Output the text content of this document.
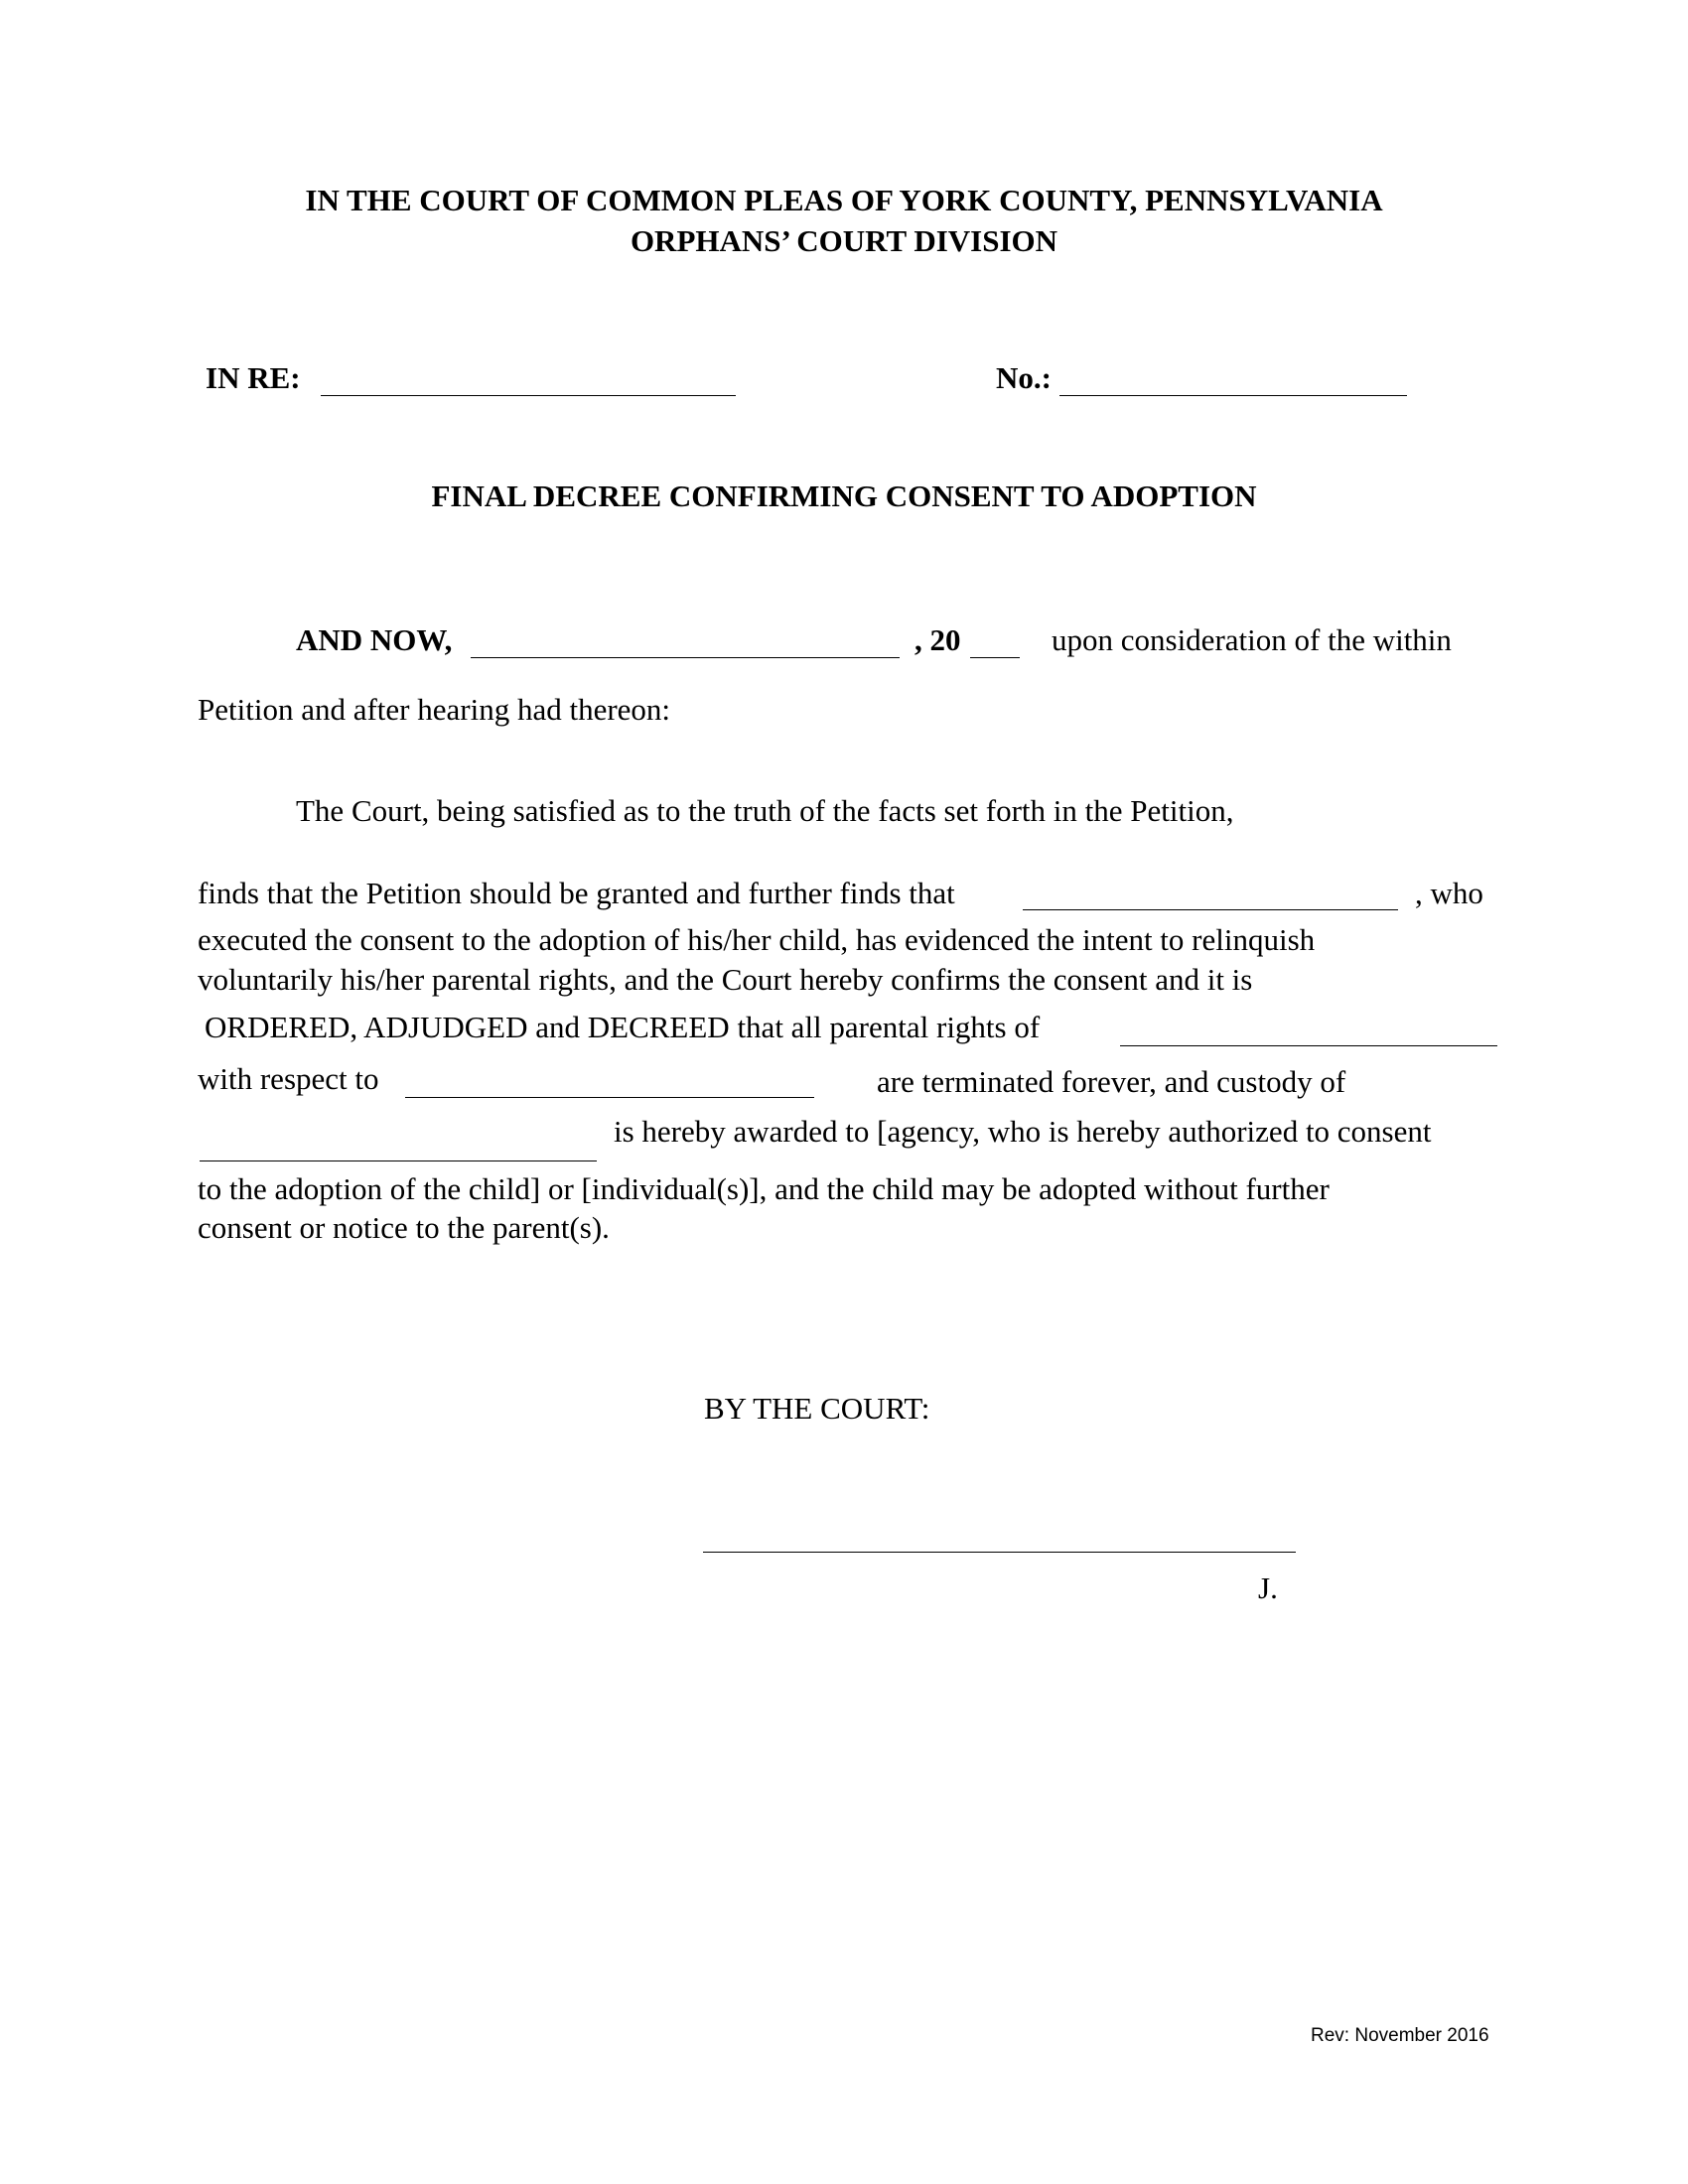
IN THE COURT OF COMMON PLEAS OF YORK COUNTY, PENNSYLVANIA
ORPHANS’ COURT DIVISION
IN RE:	No.:
FINAL DECREE CONFIRMING CONSENT TO ADOPTION
AND NOW,	, 20	upon consideration of the within
Petition and after hearing had thereon:
The Court, being satisfied as to the truth of the facts set forth in the Petition,
finds that the Petition should be granted and further finds that	, who
executed the consent to the adoption of his/her child, has evidenced the intent to relinquish
voluntarily his/her parental rights, and the Court hereby confirms the consent and it is
ORDERED, ADJUDGED and DECREED that all parental rights of
with respect to	are terminated forever, and custody of
is hereby awarded to [agency, who is hereby authorized to consent
to the adoption of the child] or [individual(s)], and the child may be adopted without further
consent or notice to the parent(s).
BY THE COURT:
J.
Rev: November 2016
